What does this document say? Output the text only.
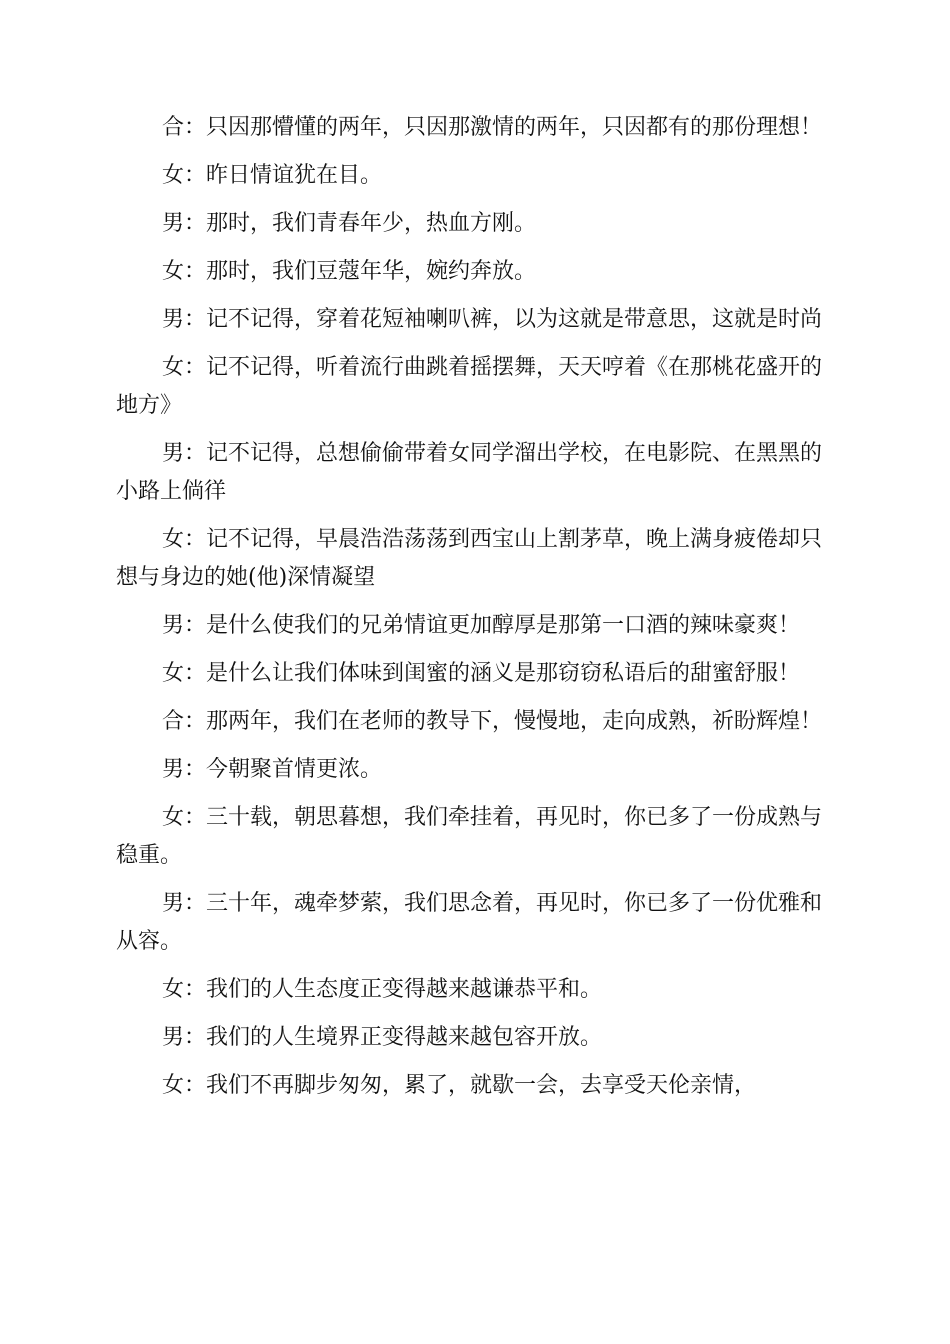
合：只因那懵懂的两年，只因那激情的两年，只因都有的那份理想！

女：昨日情谊犹在目。

男：那时，我们青春年少，热血方刚。

女：那时，我们豆蔻年华，婉约奔放。

男：记不记得，穿着花短袖喇叭裤，以为这就是带意思，这就是时尚

女：记不记得，听着流行曲跳着摇摆舞，天天哼着《在那桃花盛开的地方》

男：记不记得，总想偷偷带着女同学溜出学校，在电影院、在黑黑的小路上倘徉

女：记不记得，早晨浩浩荡荡到西宝山上割茅草，晚上满身疲倦却只想与身边的她(他)深情凝望

男：是什么使我们的兄弟情谊更加醇厚是那第一口酒的辣味豪爽！

女：是什么让我们体味到闺蜜的涵义是那窃窃私语后的甜蜜舒服！

合：那两年，我们在老师的教导下，慢慢地，走向成熟，祈盼辉煌！

男：今朝聚首情更浓。

女：三十载，朝思暮想，我们牵挂着，再见时，你已多了一份成熟与稳重。

男：三十年，魂牵梦萦，我们思念着，再见时，你已多了一份优雅和从容。

女：我们的人生态度正变得越来越谦恭平和。

男：我们的人生境界正变得越来越包容开放。

女：我们不再脚步匆匆，累了，就歇一会，去享受天伦亲情，
